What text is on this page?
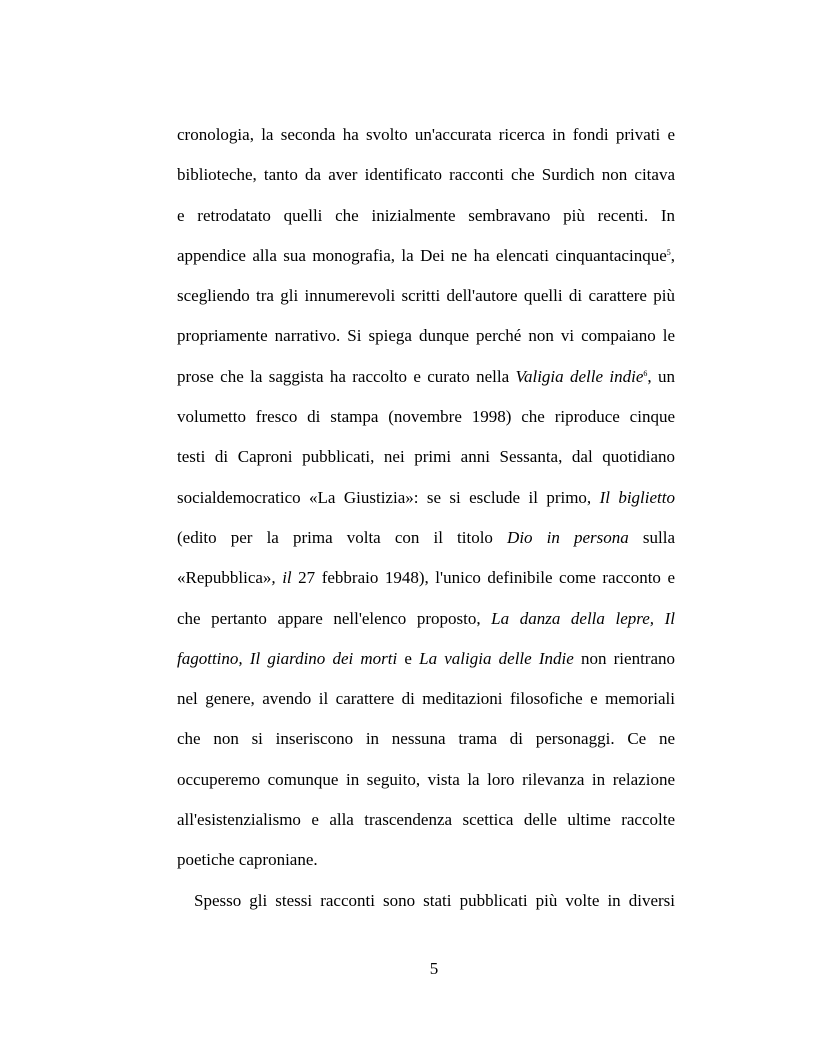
cronologia, la seconda ha svolto un'accurata ricerca in fondi privati e
biblioteche, tanto da aver identificato racconti che Surdich non citava
e retrodatato quelli che inizialmente sembravano più recenti. In
appendice alla sua monografia, la Dei ne ha elencati cinquantacinque$^5$,
scegliendo tra gli innumerevoli scritti dell'autore quelli di carattere più
propriamente narrativo. Si spiega dunque perché non vi compaiano le
prose che la saggista ha raccolto e curato nella Valigia delle indie$^6$, un
volumetto fresco di stampa (novembre 1998) che riproduce cinque
testi di Caproni pubblicati, nei primi anni Sessanta, dal quotidiano
socialdemocratico «La Giustizia»: se si esclude il primo, Il biglietto
(edito per la prima volta con il titolo Dio in persona sulla
«Repubblica», il 27 febbraio 1948), l'unico definibile come racconto e
che pertanto appare nell'elenco proposto, La danza della lepre, Il
fagottino, Il giardino dei morti e La valigia delle Indie non rientrano
nel genere, avendo il carattere di meditazioni filosofiche e memoriali
che non si inseriscono in nessuna trama di personaggi. Ce ne
occuperemo comunque in seguito, vista la loro rilevanza in relazione
all'esistenzialismo e alla trascendenza scettica delle ultime raccolte
poetiche caproniane.
Spesso gli stessi racconti sono stati pubblicati più volte in diversi
5
